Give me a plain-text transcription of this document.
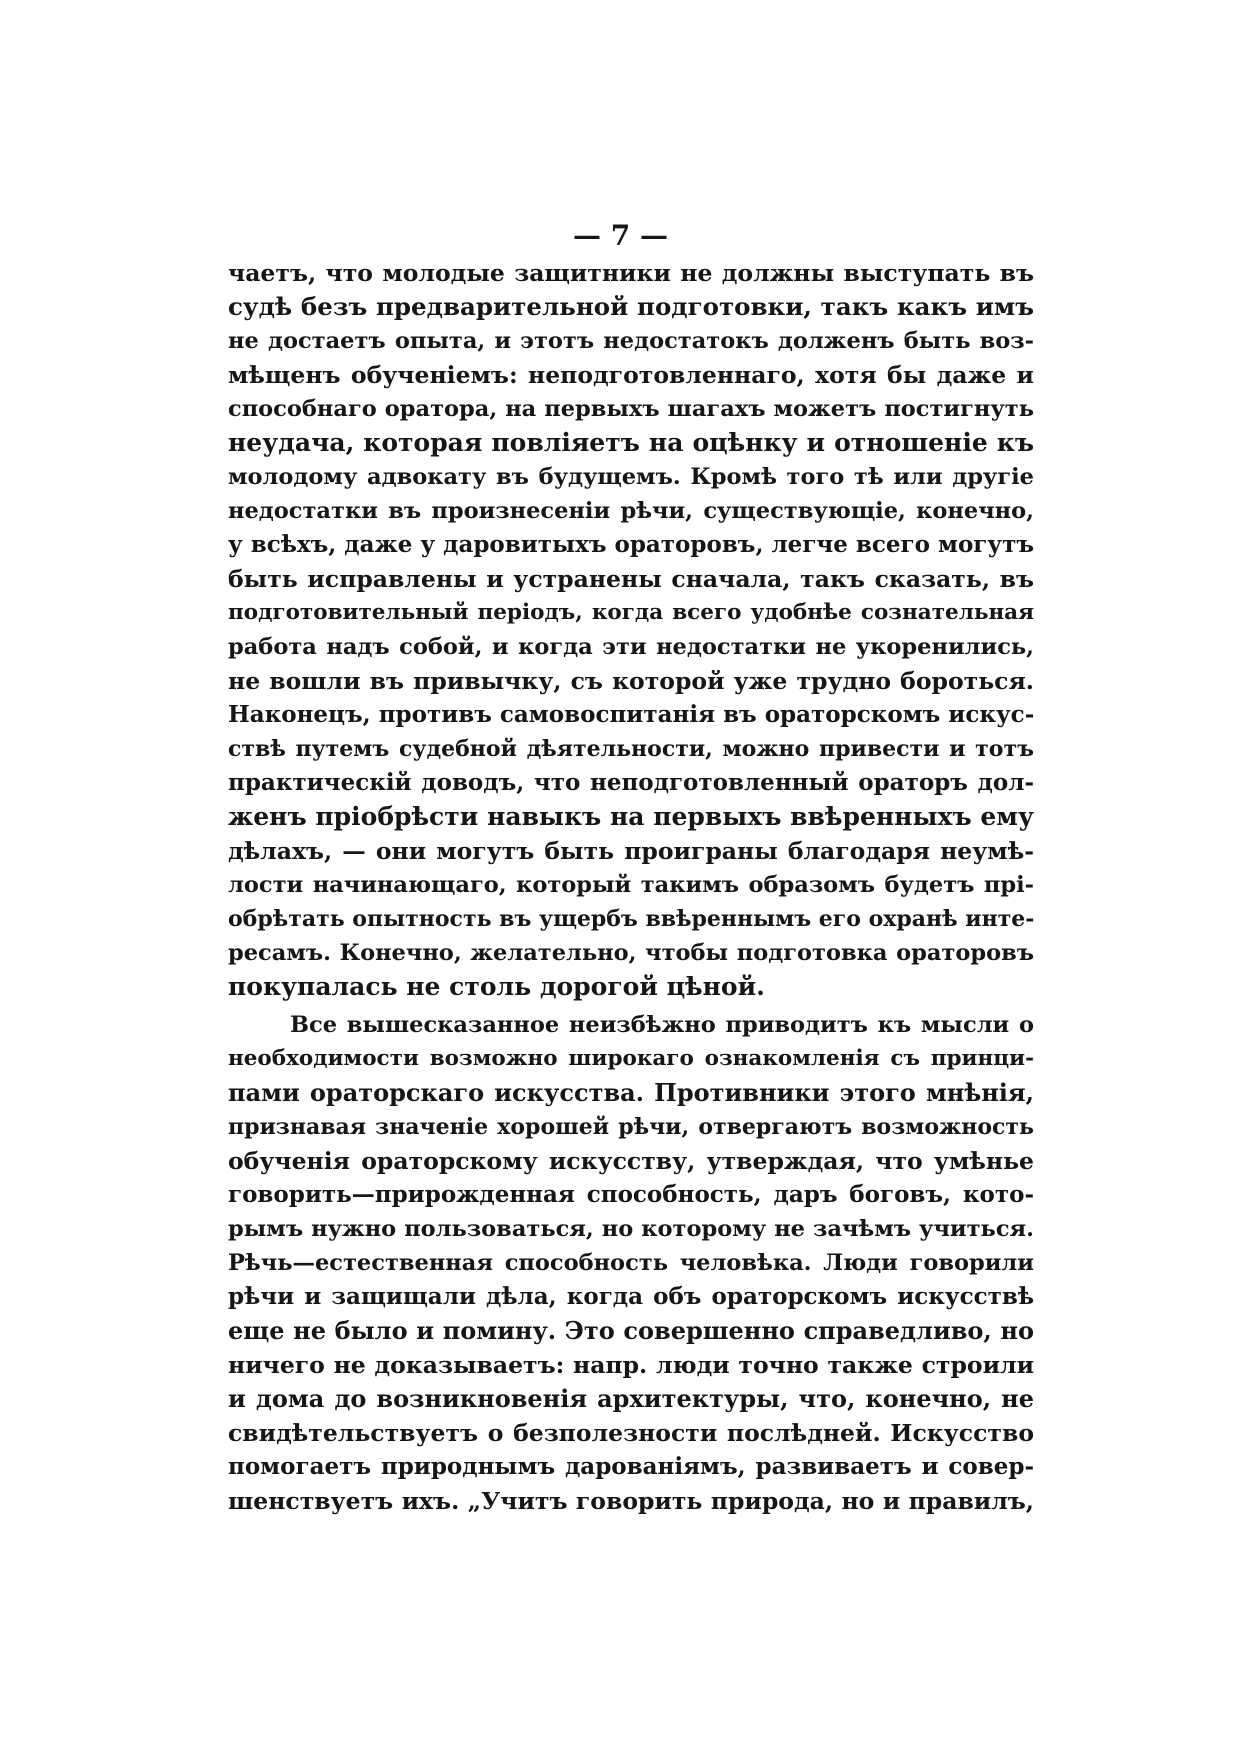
— 7 —
чаетъ, что молодые защитники не должны выступать въ
судѣ безъ предварительной подготовки, такъ какъ имъ
не достаетъ опыта, и этотъ недостатокъ долженъ быть воз-
мѣщенъ обученіемъ: неподготовленнаго, хотя бы даже и
способнаго оратора, на первыхъ шагахъ можетъ постигнуть
неудача, которая повліяетъ на оцѣнку и отношеніе къ
молодому адвокату въ будущемъ. Кромѣ того тѣ или другіе
недостатки въ произнесеніи рѣчи, существующіе, конечно,
у всѣхъ, даже у даровитыхъ ораторовъ, легче всего могутъ
быть исправлены и устранены сначала, такъ сказать, въ
подготовительный періодъ, когда всего удобнѣе сознательная
работа надъ собой, и когда эти недостатки не укоренились,
не вошли въ привычку, съ которой уже трудно бороться.
Наконецъ, противъ самовоспитанія въ ораторскомъ искус-
ствѣ путемъ судебной дѣятельности, можно привести и тотъ
практическій доводъ, что неподготовленный ораторъ дол-
женъ пріобрѣсти навыкъ на первыхъ ввѣренныхъ ему
дѣлахъ, — они могутъ быть проиграны благодаря неумѣ-
лости начинающаго, который такимъ образомъ будетъ прі-
обрѣтать опытность въ ущербъ ввѣреннымъ его охранѣ инте-
ресамъ. Конечно, желательно, чтобы подготовка ораторовъ
покупалась не столь дорогой цѣной.
Все вышесказанное неизбѣжно приводитъ къ мысли о
необходимости возможно широкаго ознакомленія съ принци-
пами ораторскаго искусства. Противники этого мнѣнія,
признавая значеніе хорошей рѣчи, отвергаютъ возможность
обученія ораторскому искусству, утверждая, что умѣнье
говорить—прирожденная способность, даръ боговъ, кото-
рымъ нужно пользоваться, но которому не зачѣмъ учиться.
Рѣчь—естественная способность человѣка. Люди говорили
рѣчи и защищали дѣла, когда объ ораторскомъ искусствѣ
еще не было и помину. Это совершенно справедливо, но
ничего не доказываетъ: напр. люди точно также строили
и дома до возникновенія архитектуры, что, конечно, не
свидѣтельствуетъ о безполезности послѣдней. Искусство
помогаетъ природнымъ дарованіямъ, развиваетъ и совер-
шенствуетъ ихъ. „Учитъ говорить природа, но и правилъ,
